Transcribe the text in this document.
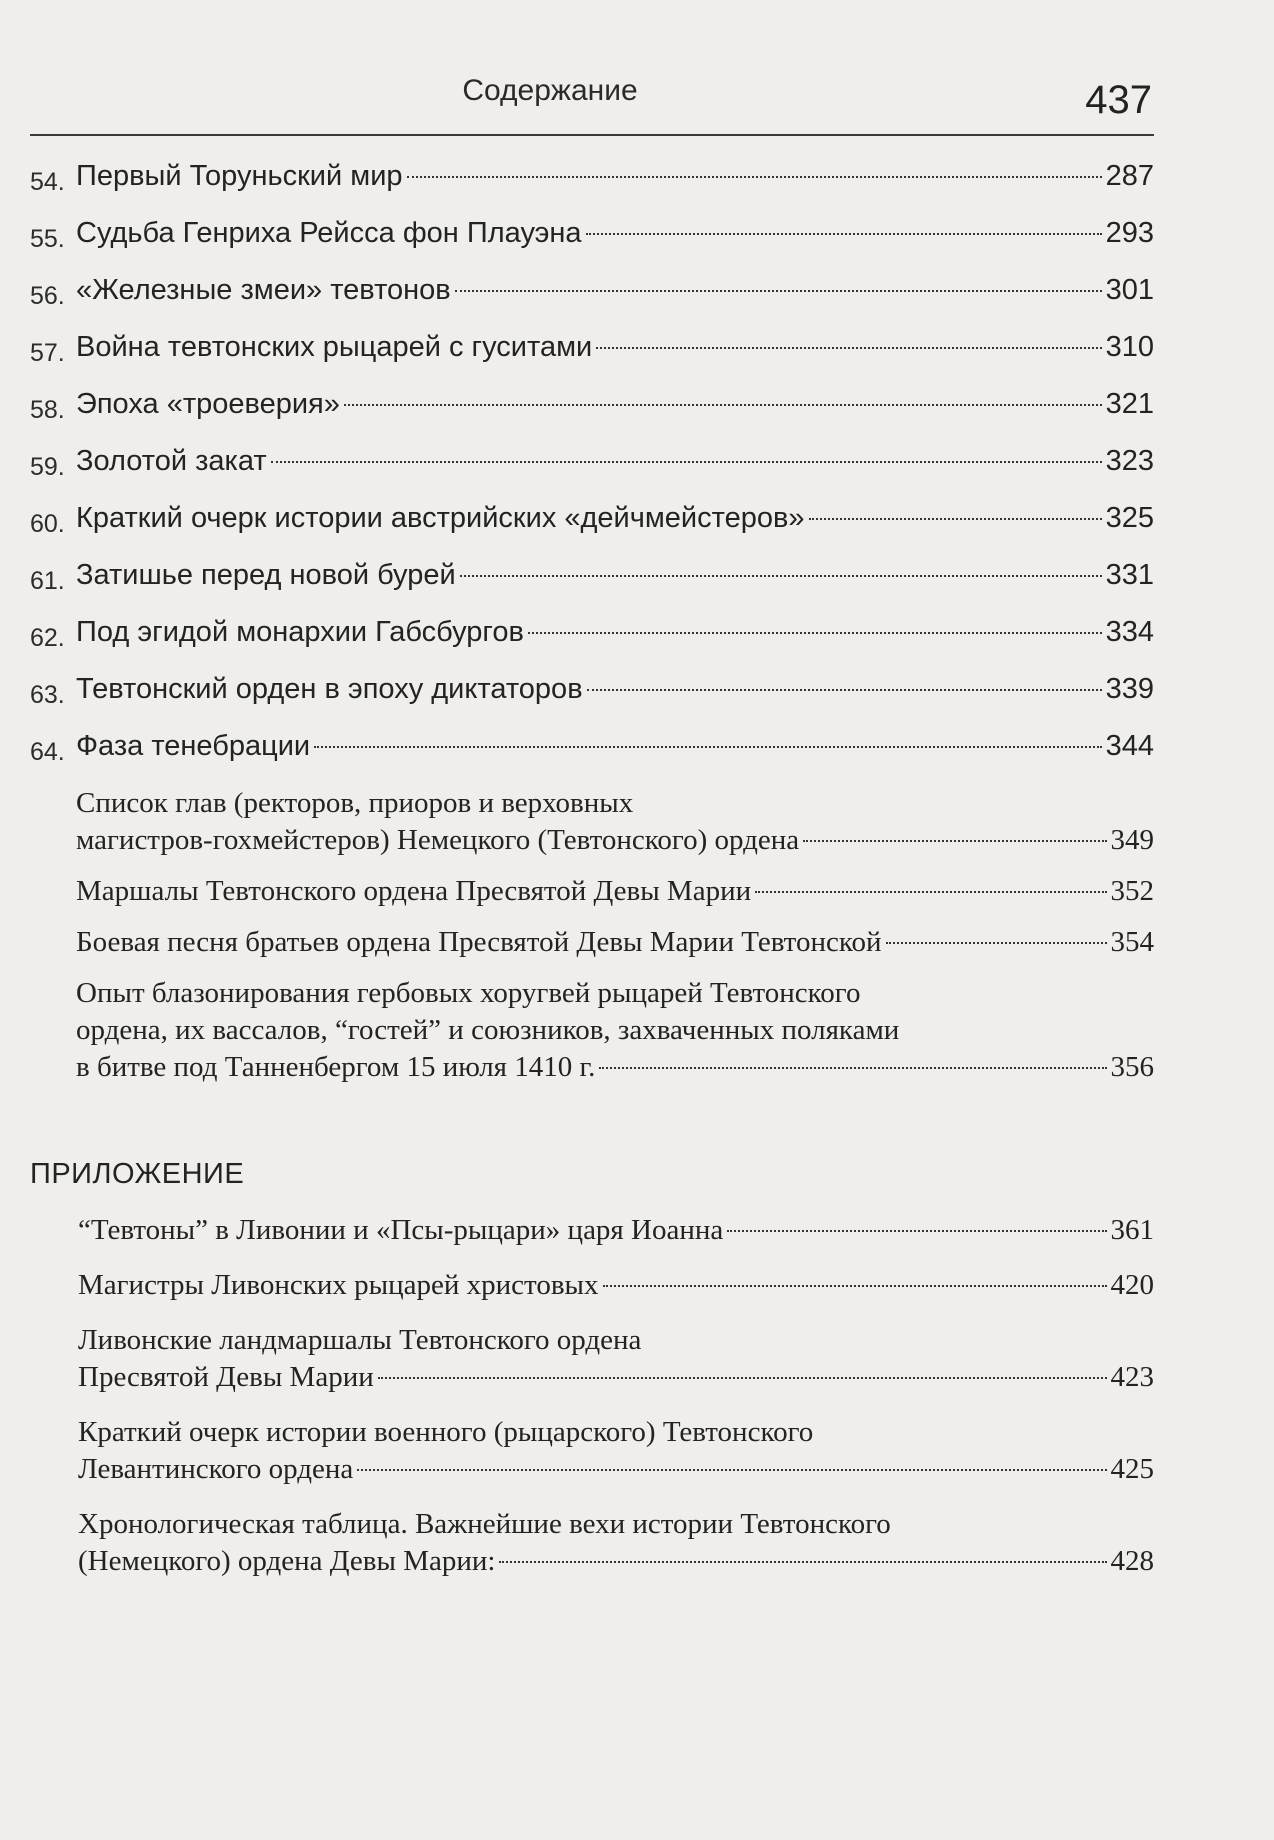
Содержание	437
54. Первый Торуньский мир	287
55. Судьба Генриха Рейсса фон Плауэна	293
56. «Железные змеи» тевтонов	301
57. Война тевтонских рыцарей с гуситами	310
58. Эпоха «троеверия»	321
59. Золотой закат	323
60. Краткий очерк истории австрийских «дейчмейстеров»	325
61. Затишье перед новой бурей	331
62. Под эгидой монархии Габсбургов	334
63. Тевтонский орден в эпоху диктаторов	339
64. Фаза тенебрации	344
Список глав (ректоров, приоров и верховных
магистров-гохмейстеров) Немецкого (Тевтонского) ордена	349
Маршалы Тевтонского ордена Пресвятой Девы Марии	352
Боевая песня братьев ордена Пресвятой Девы Марии Тевтонской	354
Опыт блазонирования гербовых хоругвей рыцарей Тевтонского
ордена, их вассалов, “гостей” и союзников, захваченных поляками
в битве под Танненбергом 15 июля 1410 г.	356
ПРИЛОЖЕНИЕ
“Тевтоны” в Ливонии и «Псы-рыцари» царя Иоанна	361
Магистры Ливонских рыцарей христовых	420
Ливонские ландмаршалы Тевтонского ордена
Пресвятой Девы Марии	423
Краткий очерк истории военного (рыцарского) Тевтонского
Левантинского ордена	425
Хронологическая таблица. Важнейшие вехи истории Тевтонского
(Немецкого) ордена Девы Марии:	428
